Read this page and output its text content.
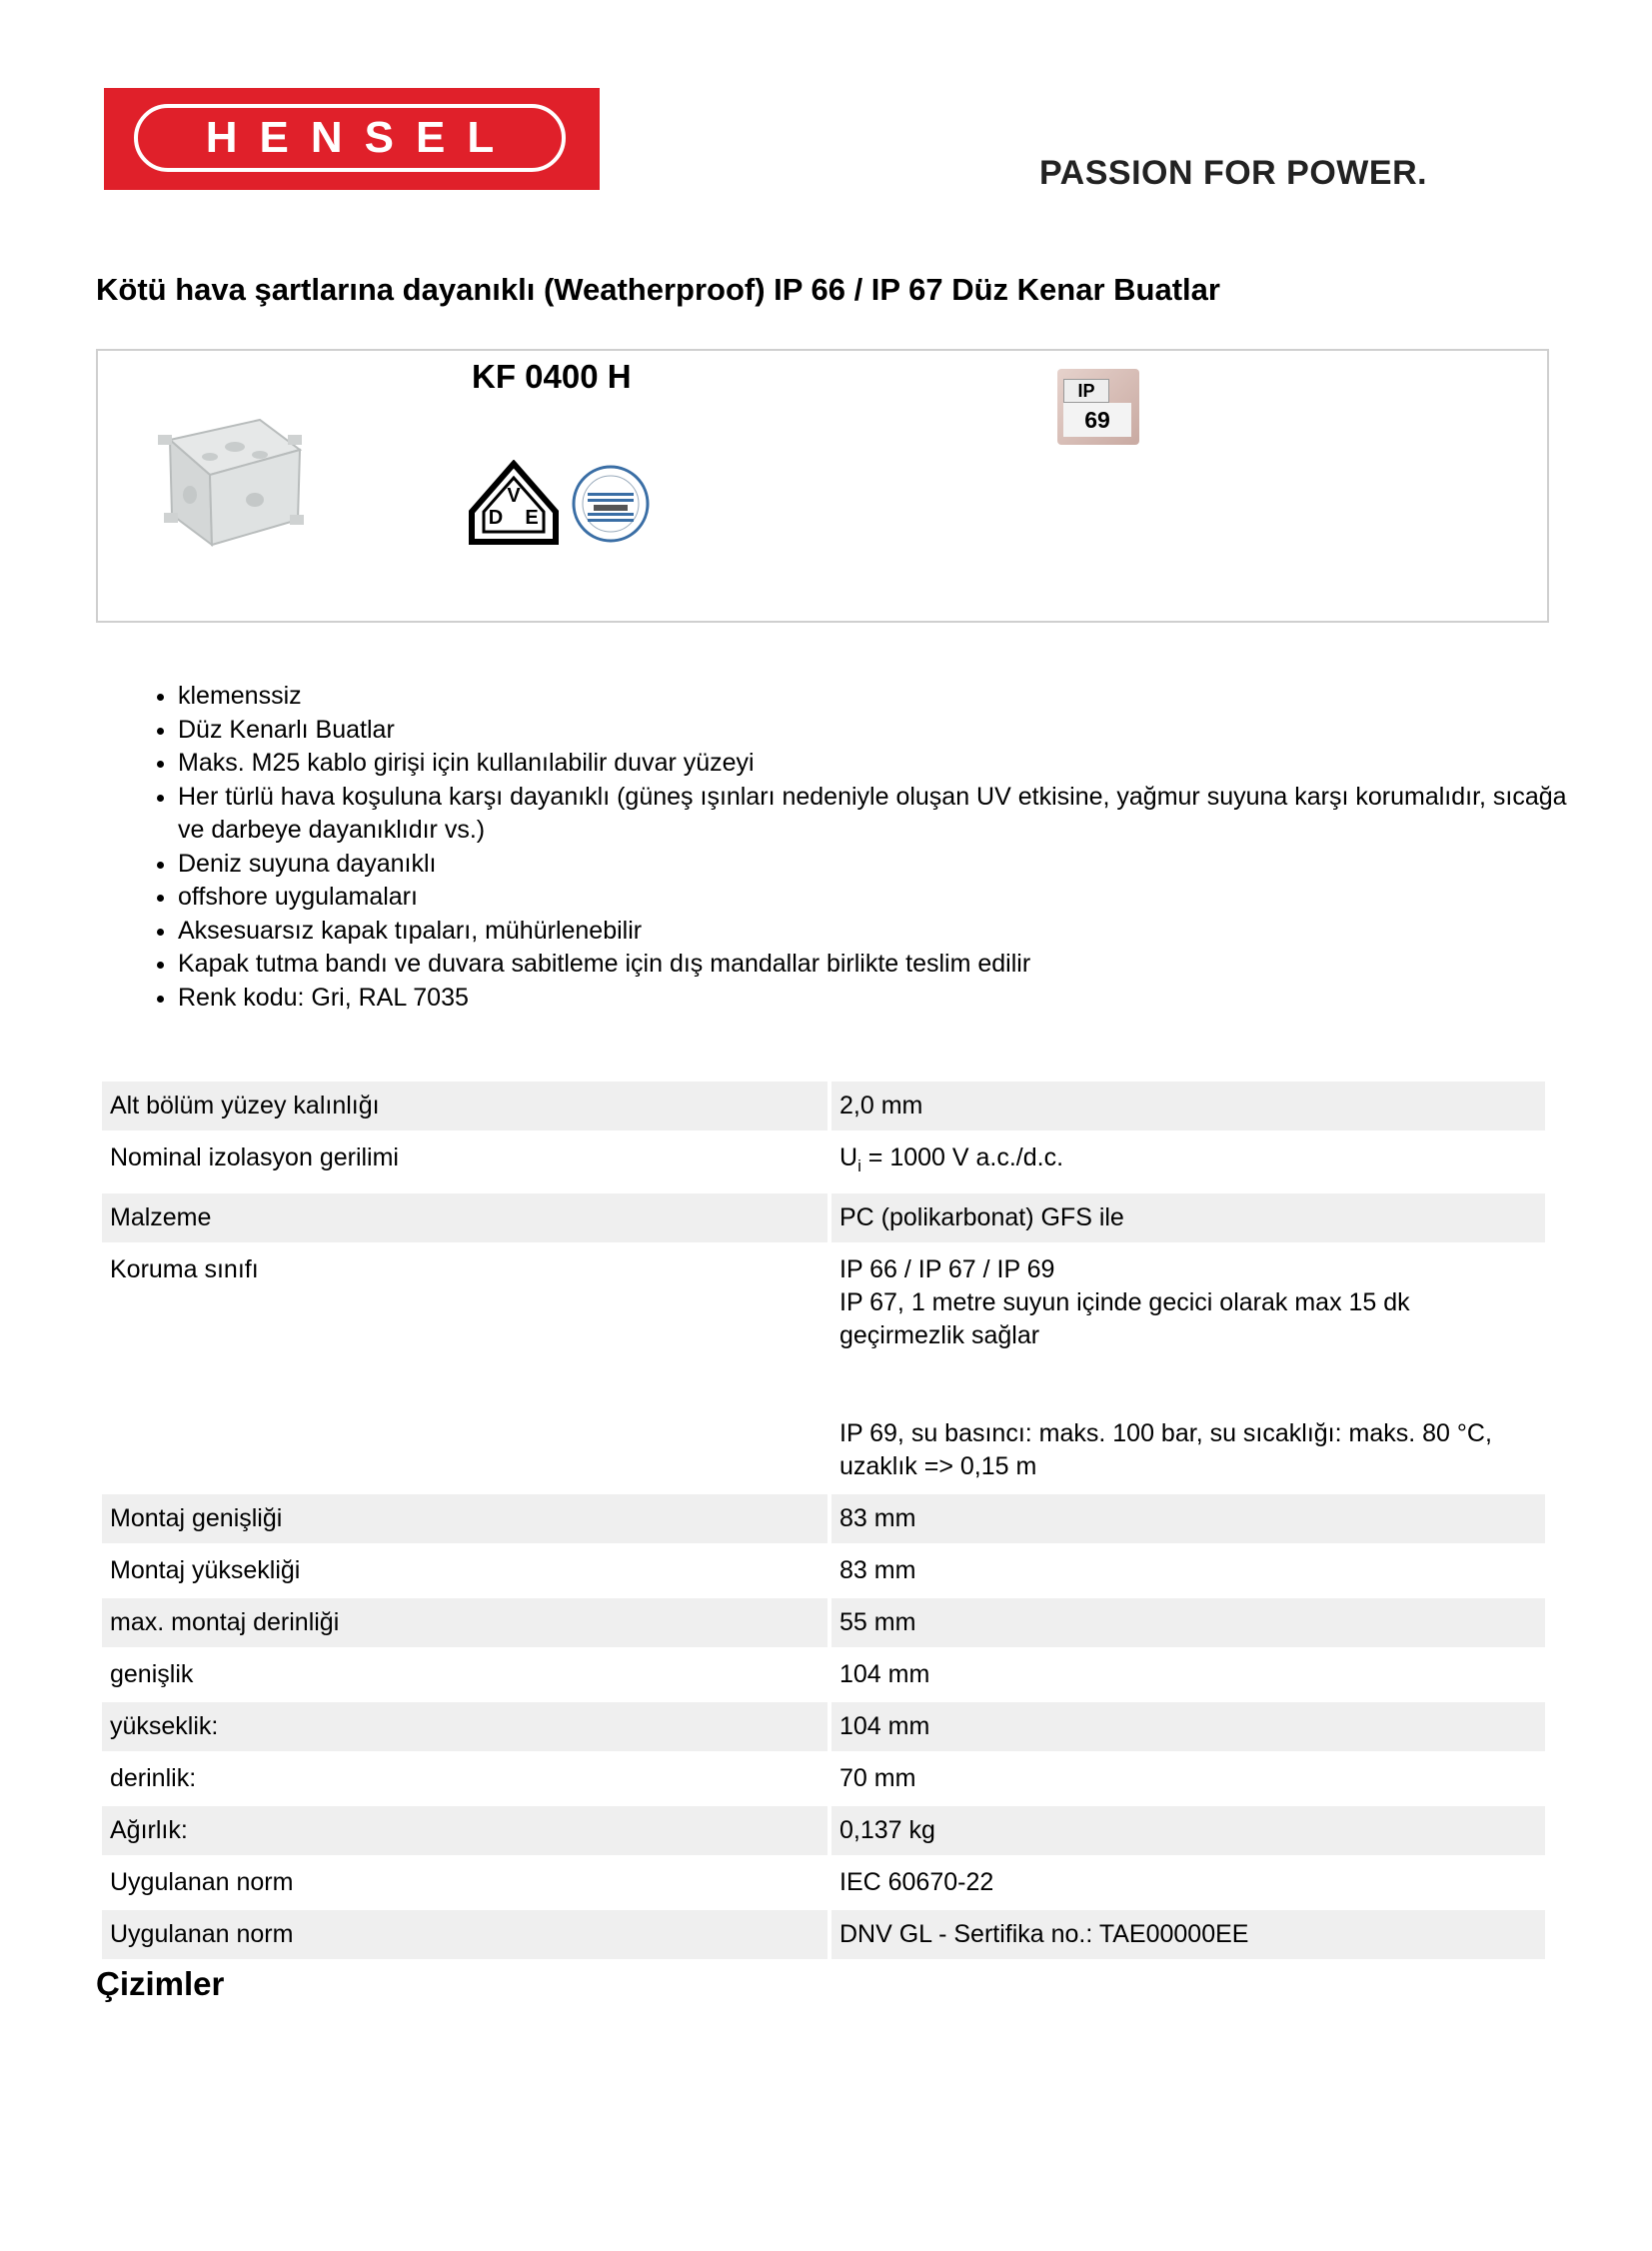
HENSEL
PASSION FOR POWER.
Kötü hava şartlarına dayanıklı (Weatherproof) IP 66 / IP 67 Düz Kenar Buatlar
KF 0400 H
V
D E
IP
69
• klemenssiz
• Düz Kenarlı Buatlar
• Maks. M25 kablo girişi için kullanılabilir duvar yüzeyi
• Her türlü hava koşuluna karşı dayanıklı (güneş ışınları nedeniyle oluşan UV etkisine, yağmur suyuna karşı korumalıdır, sıcağa ve darbeye dayanıklıdır vs.)
• Deniz suyuna dayanıklı
• offshore uygulamaları
• Aksesuarsız kapak tıpaları, mühürlenebilir
• Kapak tutma bandı ve duvara sabitleme için dış mandallar birlikte teslim edilir
• Renk kodu: Gri, RAL 7035
Alt bölüm yüzey kalınlığı	2,0 mm
Nominal izolasyon gerilimi	$U_i = 1000$ V a.c./d.c.
Malzeme	PC (polikarbonat) GFS ile
Koruma sınıfı	IP 66 / IP 67 / IP 69
IP 67, 1 metre suyun içinde gecici olarak max 15 dk geçirmezlik sağlar
IP 69, su basıncı: maks. 100 bar, su sıcaklığı: maks. 80 °C, uzaklık => 0,15 m

Montaj genişliği	83 mm
Montaj yüksekliği	83 mm
max. montaj derinliği	55 mm
genişlik	104 mm
yükseklik:	104 mm
derinlik:	70 mm
Ağırlık:	0,137 kg
Uygulanan norm	IEC 60670-22
Uygulanan norm	DNV GL - Sertifika no.: TAE00000EE
Çizimler
